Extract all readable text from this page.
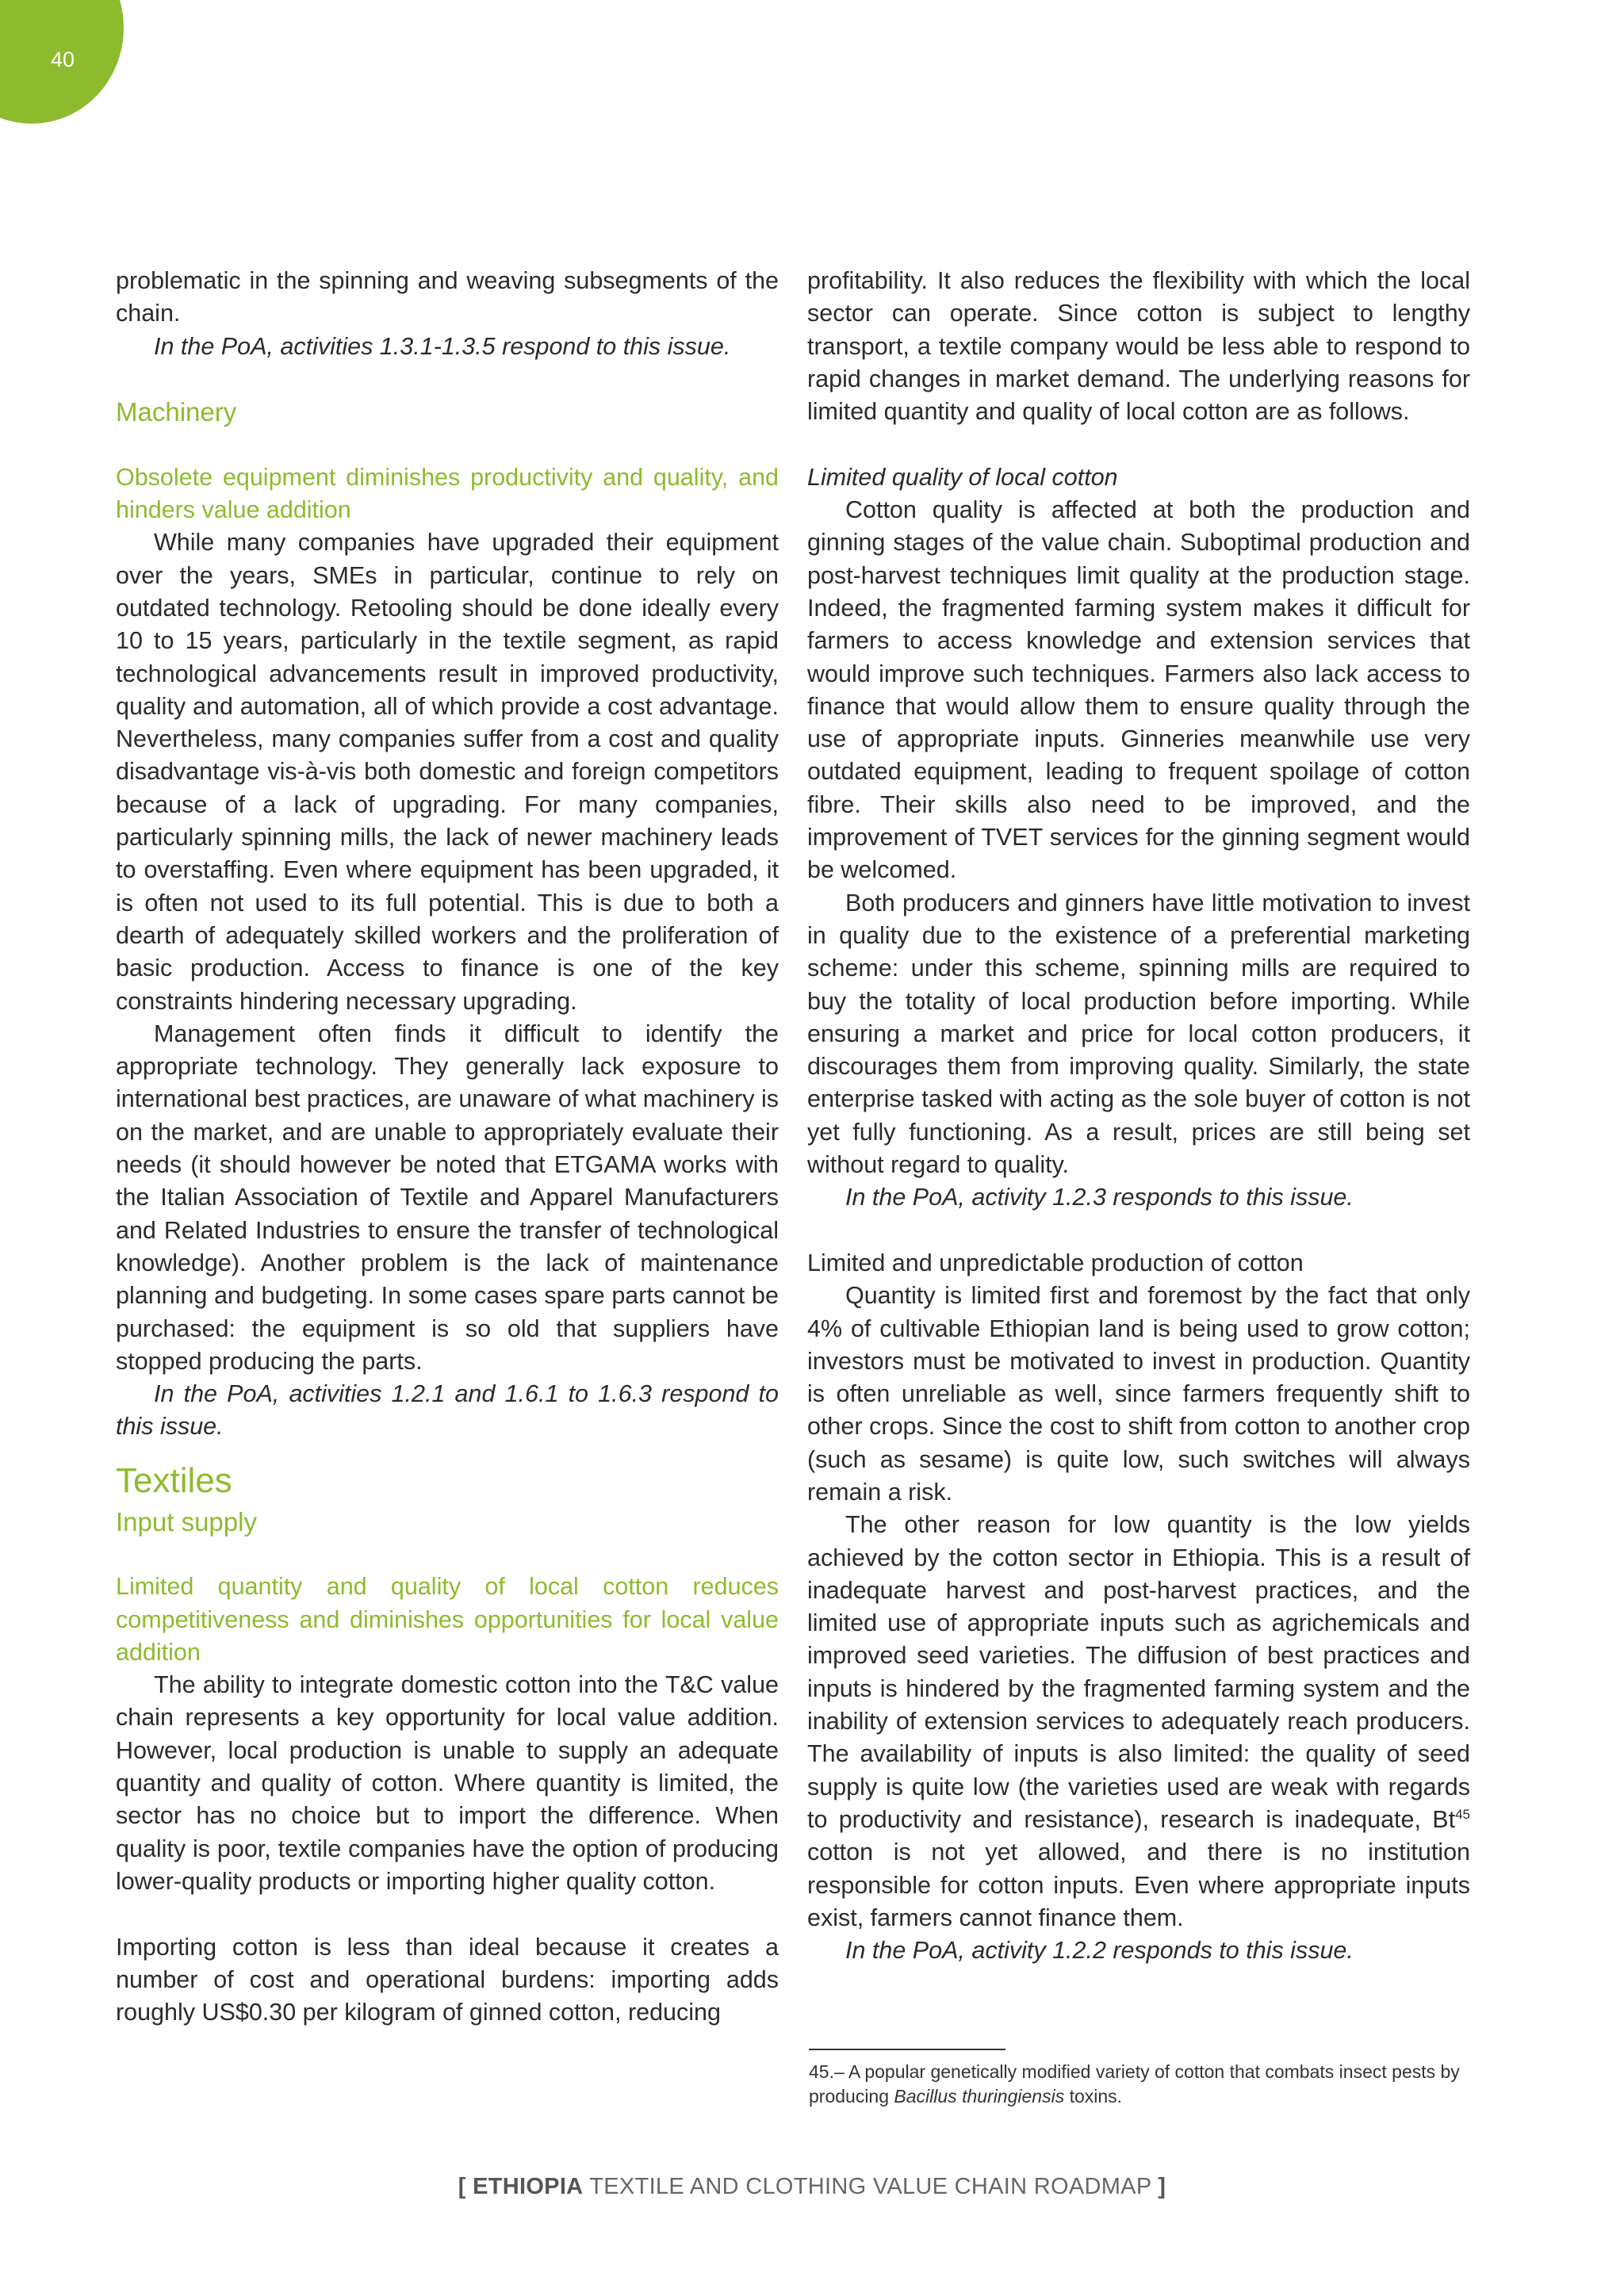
40

problematic in the spinning and weaving subsegments of the chain.

In the PoA, activities 1.3.1-1.3.5 respond to this issue.

Machinery

Obsolete equipment diminishes productivity and quality, and hinders value addition

While many companies have upgraded their equipment over the years, SMEs in particular, continue to rely on outdated technology. Retooling should be done ideally every 10 to 15 years, particularly in the textile segment, as rapid technological advancements result in improved productivity, quality and automation, all of which provide a cost advantage. Nevertheless, many companies suffer from a cost and quality disadvantage vis-à-vis both domestic and foreign competitors because of a lack of upgrading. For many companies, particularly spinning mills, the lack of newer machinery leads to overstaffing. Even where equipment has been upgraded, it is often not used to its full potential. This is due to both a dearth of adequately skilled workers and the proliferation of basic production. Access to finance is one of the key constraints hindering necessary upgrading.

Management often finds it difficult to identify the appropriate technology. They generally lack exposure to international best practices, are unaware of what machinery is on the market, and are unable to appropriately evaluate their needs (it should however be noted that ETGAMA works with the Italian Association of Textile and Apparel Manufacturers and Related Industries to ensure the transfer of technological knowledge). Another problem is the lack of maintenance planning and budgeting. In some cases spare parts cannot be purchased: the equipment is so old that suppliers have stopped producing the parts.

In the PoA, activities 1.2.1 and 1.6.1 to 1.6.3 respond to this issue.

Textiles

Input supply

Limited quantity and quality of local cotton reduces competitiveness and diminishes opportunities for local value addition

The ability to integrate domestic cotton into the T&C value chain represents a key opportunity for local value addition. However, local production is unable to supply an adequate quantity and quality of cotton. Where quantity is limited, the sector has no choice but to import the difference. When quality is poor, textile companies have the option of producing lower-quality products or importing higher quality cotton.

Importing cotton is less than ideal because it creates a number of cost and operational burdens: importing adds roughly US$0.30 per kilogram of ginned cotton, reducing

profitability. It also reduces the flexibility with which the local sector can operate. Since cotton is subject to lengthy transport, a textile company would be less able to respond to rapid changes in market demand. The underlying reasons for limited quantity and quality of local cotton are as follows.

Limited quality of local cotton

Cotton quality is affected at both the production and ginning stages of the value chain. Suboptimal production and post-harvest techniques limit quality at the production stage. Indeed, the fragmented farming system makes it difficult for farmers to access knowledge and extension services that would improve such techniques. Farmers also lack access to finance that would allow them to ensure quality through the use of appropriate inputs. Ginneries meanwhile use very outdated equipment, leading to frequent spoilage of cotton fibre. Their skills also need to be improved, and the improvement of TVET services for the ginning segment would be welcomed.

Both producers and ginners have little motivation to invest in quality due to the existence of a preferential marketing scheme: under this scheme, spinning mills are required to buy the totality of local production before importing. While ensuring a market and price for local cotton producers, it discourages them from improving quality. Similarly, the state enterprise tasked with acting as the sole buyer of cotton is not yet fully functioning. As a result, prices are still being set without regard to quality.

In the PoA, activity 1.2.3 responds to this issue.

Limited and unpredictable production of cotton

Quantity is limited first and foremost by the fact that only 4% of cultivable Ethiopian land is being used to grow cotton; investors must be motivated to invest in production. Quantity is often unreliable as well, since farmers frequently shift to other crops. Since the cost to shift from cotton to another crop (such as sesame) is quite low, such switches will always remain a risk.

The other reason for low quantity is the low yields achieved by the cotton sector in Ethiopia. This is a result of inadequate harvest and post-harvest practices, and the limited use of appropriate inputs such as agrichemicals and improved seed varieties. The diffusion of best practices and inputs is hindered by the fragmented farming system and the inability of extension services to adequately reach producers. The availability of inputs is also limited: the quality of seed supply is quite low (the varieties used are weak with regards to productivity and resistance), research is inadequate, Bt$^{45}$ cotton is not yet allowed, and there is no institution responsible for cotton inputs. Even where appropriate inputs exist, farmers cannot finance them.

In the PoA, activity 1.2.2 responds to this issue.

45.– A popular genetically modified variety of cotton that combats insect pests by producing Bacillus thuringiensis toxins.
[ ETHIOPIA TEXTILE AND CLOTHING VALUE CHAIN ROADMAP ]
